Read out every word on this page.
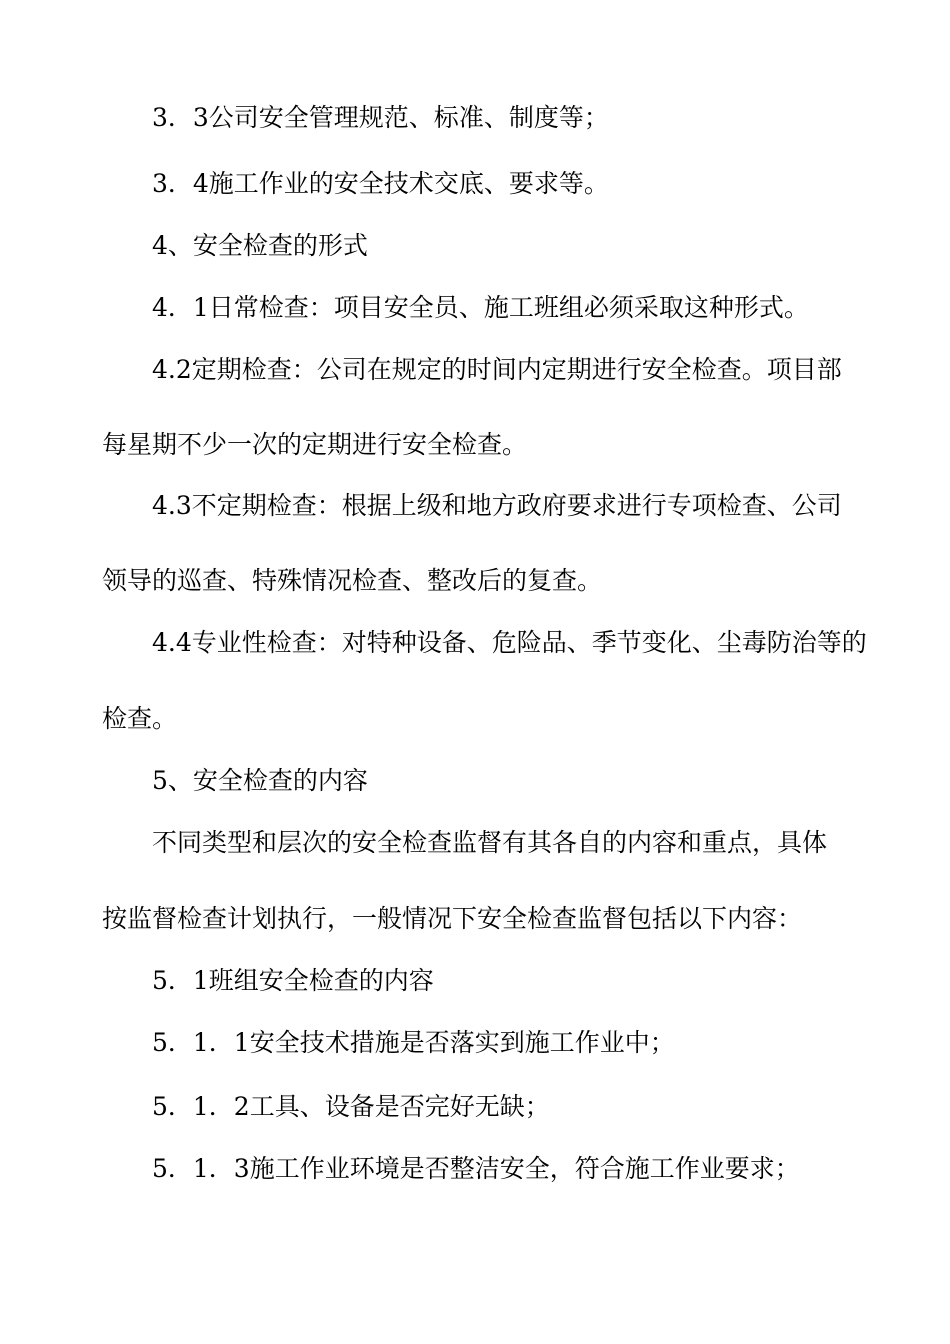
3．3公司安全管理规范、标准、制度等；
3．4施工作业的安全技术交底、要求等。
4、安全检查的形式
4．1日常检查：项目安全员、施工班组必须采取这种形式。
4.2定期检查：公司在规定的时间内定期进行安全检查。项目部
每星期不少一次的定期进行安全检查。
4.3不定期检查：根据上级和地方政府要求进行专项检查、公司
领导的巡查、特殊情况检查、整改后的复查。
4.4专业性检查：对特种设备、危险品、季节变化、尘毒防治等的
检查。
5、安全检查的内容
不同类型和层次的安全检查监督有其各自的内容和重点，具体
按监督检查计划执行，一般情况下安全检查监督包括以下内容：
5．1班组安全检查的内容
5．1．1安全技术措施是否落实到施工作业中；
5．1．2工具、设备是否完好无缺；
5．1．3施工作业环境是否整洁安全，符合施工作业要求；
